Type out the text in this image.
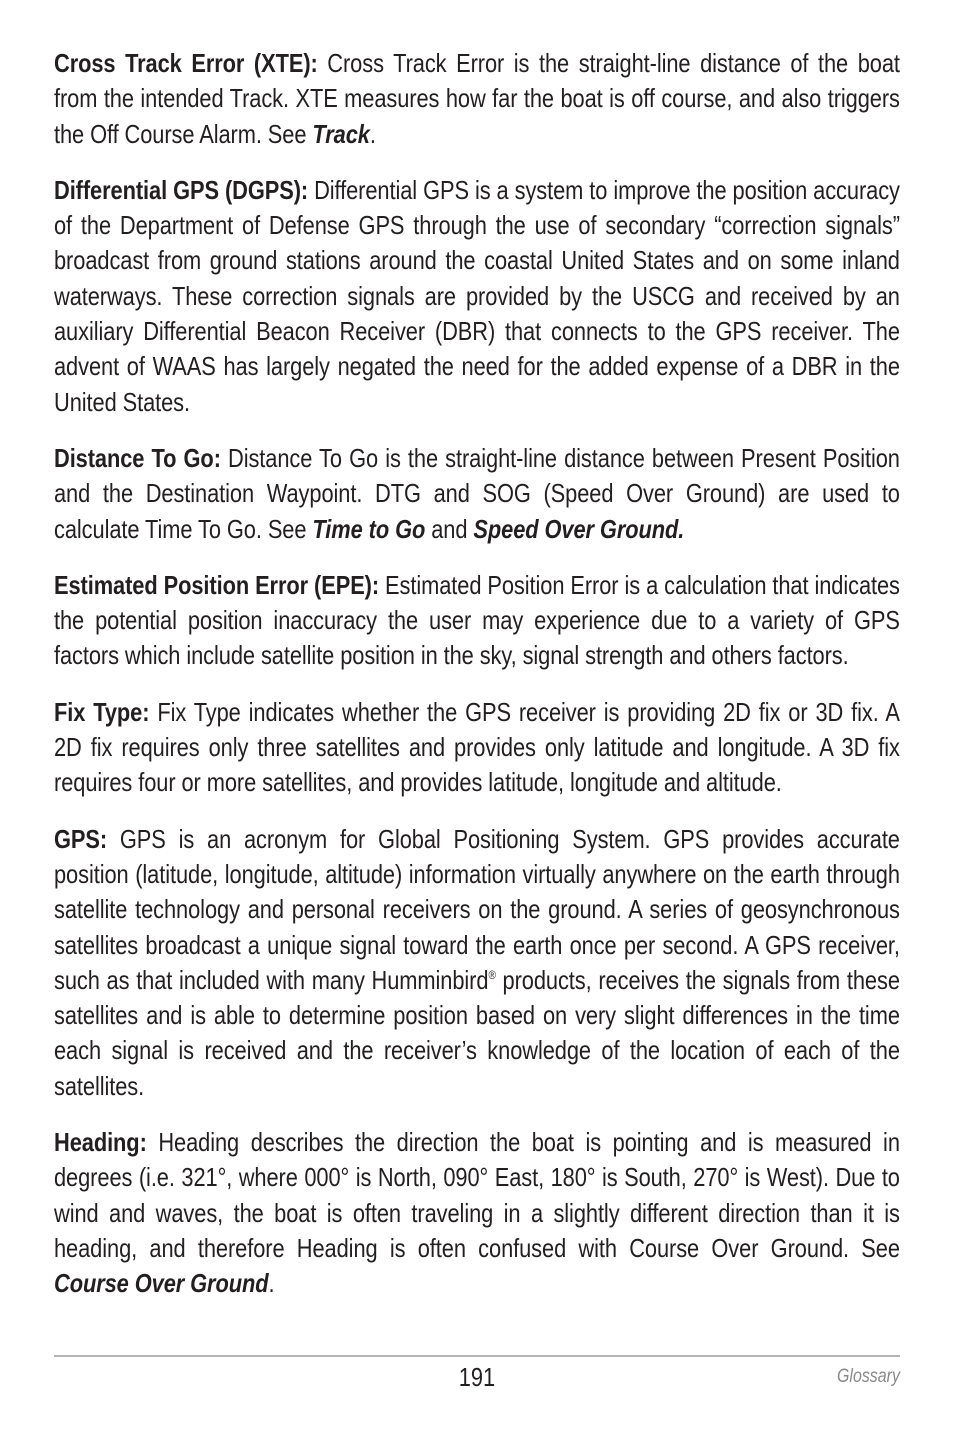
Cross Track Error (XTE): Cross Track Error is the straight-line distance of the boat from the intended Track. XTE measures how far the boat is off course, and also triggers the Off Course Alarm. See Track.

Differential GPS (DGPS): Differential GPS is a system to improve the position accuracy of the Department of Defense GPS through the use of secondary “correction signals” broadcast from ground stations around the coastal United States and on some inland waterways. These correction signals are provided by the USCG and received by an auxiliary Differential Beacon Receiver (DBR) that connects to the GPS receiver. The advent of WAAS has largely negated the need for the added expense of a DBR in the United States.

Distance To Go: Distance To Go is the straight-line distance between Present Position and the Destination Waypoint. DTG and SOG (Speed Over Ground) are used to calculate Time To Go. See Time to Go and Speed Over Ground.

Estimated Position Error (EPE): Estimated Position Error is a calculation that indicates the potential position inaccuracy the user may experience due to a variety of GPS factors which include satellite position in the sky, signal strength and others factors.

Fix Type: Fix Type indicates whether the GPS receiver is providing 2D fix or 3D fix. A 2D fix requires only three satellites and provides only latitude and longitude. A 3D fix requires four or more satellites, and provides latitude, longitude and altitude.

GPS: GPS is an acronym for Global Positioning System. GPS provides accurate position (latitude, longitude, altitude) information virtually anywhere on the earth through satellite technology and personal receivers on the ground. A series of geosynchronous satellites broadcast a unique signal toward the earth once per second. A GPS receiver, such as that included with many Humminbird® products, receives the signals from these satellites and is able to determine position based on very slight differences in the time each signal is received and the receiver’s knowledge of the location of each of the satellites.

Heading: Heading describes the direction the boat is pointing and is measured in degrees (i.e. 321°, where 000° is North, 090° East, 180° is South, 270° is West). Due to wind and waves, the boat is often traveling in a slightly different direction than it is heading, and therefore Heading is often confused with Course Over Ground. See Course Over Ground.

191	Glossary
